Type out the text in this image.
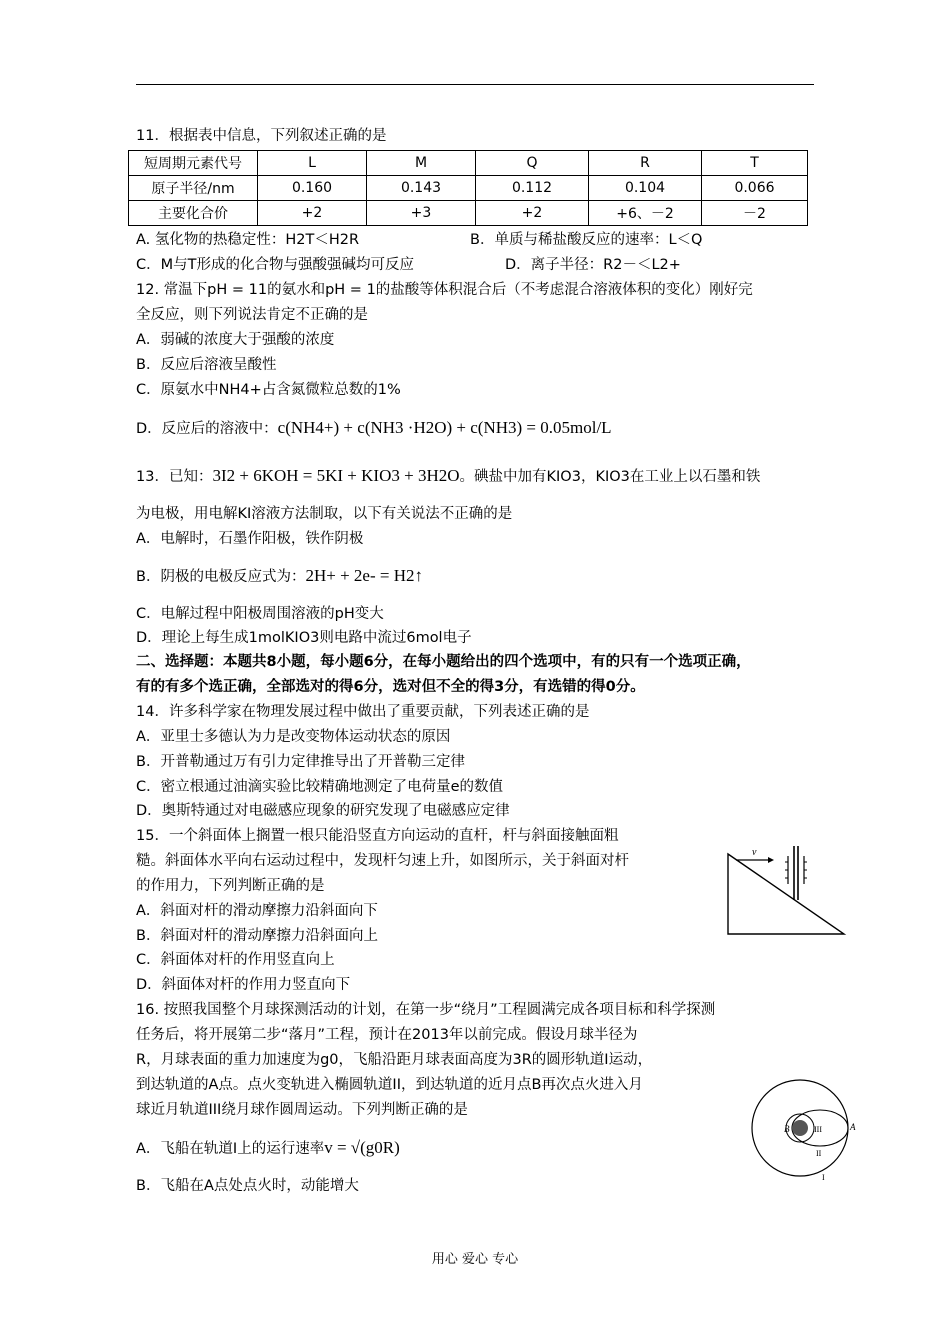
11．根据表中信息，下列叙述正确的是
短周期元素代号	L	M	Q	R	T
原子半径/nm	0.160	0.143	0.112	0.104	0.066
主要化合价	+2	+3	+2	+6、－2	－2
A. 氢化物的热稳定性：H2T＜H2R	B．单质与稀盐酸反应的速率：L＜Q
C．M与T形成的化合物与强酸强碱均可反应	D．离子半径：R2－＜L2+
12. 常温下pH = 11的氨水和pH = 1的盐酸等体积混合后（不考虑混合溶液体积的变化）刚好完
全反应，则下列说法肯定不正确的是
A．弱碱的浓度大于强酸的浓度
B．反应后溶液呈酸性
C．原氨水中NH4+占含氮微粒总数的1%
D．反应后的溶液中：c(NH4+) + c(NH3 ·H2O) + c(NH3) = 0.05mol/L
13．已知：3I2 + 6KOH = 5KI + KIO3 + 3H2O。碘盐中加有KIO3，KIO3在工业上以石墨和铁
为电极，用电解KI溶液方法制取，以下有关说法不正确的是
A．电解时，石墨作阳极，铁作阴极
B．阴极的电极反应式为：2H+ + 2e- = H2↑
C．电解过程中阳极周围溶液的pH变大
D．理论上每生成1molKIO3则电路中流过6mol电子
二、选择题：本题共8小题，每小题6分，在每小题给出的四个选项中，有的只有一个选项正确，
有的有多个选正确，全部选对的得6分，选对但不全的得3分，有选错的得0分。
14．许多科学家在物理发展过程中做出了重要贡献，下列表述正确的是
A．亚里士多德认为力是改变物体运动状态的原因
B．开普勒通过万有引力定律推导出了开普勒三定律
C．密立根通过油滴实验比较精确地测定了电荷量e的数值
D．奥斯特通过对电磁感应现象的研究发现了电磁感应定律
15．一个斜面体上搁置一根只能沿竖直方向运动的直杆，杆与斜面接触面粗
糙。斜面体水平向右运动过程中，发现杆匀速上升，如图所示，关于斜面对杆
的作用力，下列判断正确的是
A．斜面对杆的滑动摩擦力沿斜面向下
B．斜面对杆的滑动摩擦力沿斜面向上
C．斜面体对杆的作用竖直向上
D．斜面体对杆的作用力竖直向下
v
16. 按照我国整个月球探测活动的计划，在第一步“绕月”工程圆满完成各项目标和科学探测
任务后，将开展第二步“落月”工程，预计在2013年以前完成。假设月球半径为
R，月球表面的重力加速度为g0，飞船沿距月球表面高度为3R的圆形轨道I运动，
到达轨道的A点。点火变轨进入椭圆轨道II，到达轨道的近月点B再次点火进入月
球近月轨道III绕月球作圆周运动。下列判断正确的是
A．飞船在轨道I上的运行速率v = √(g0R)
B．飞船在A点处点火时，动能增大
B	III	A
II
I
用心 爱心 专心
